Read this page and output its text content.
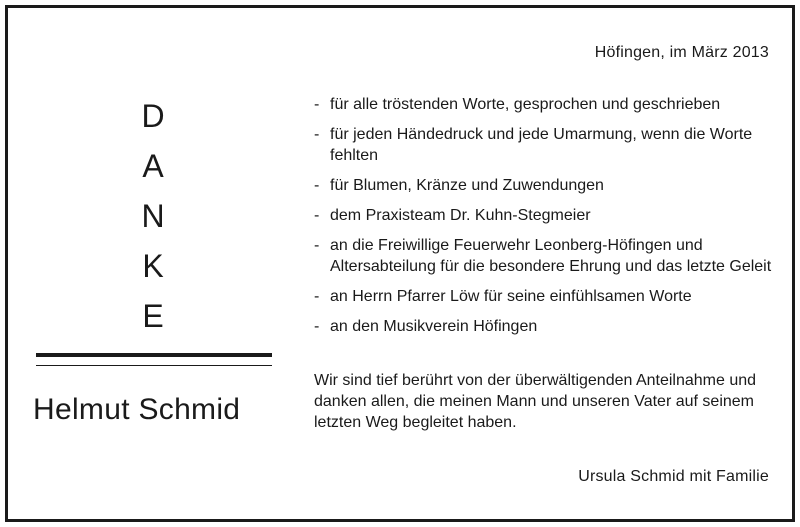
Höfingen, im März 2013
D
A
N
K
E
Helmut Schmid
- für alle tröstenden Worte, gesprochen und geschrieben
- für jeden Händedruck und jede Umarmung, wenn die Worte fehlten
- für Blumen, Kränze und Zuwendungen
- dem Praxisteam Dr. Kuhn-Stegmeier
- an die Freiwillige Feuerwehr Leonberg-Höfingen und Altersabteilung für die besondere Ehrung und das letzte Geleit
- an Herrn Pfarrer Löw für seine einfühlsamen Worte
- an den Musikverein Höfingen

Wir sind tief berührt von der überwältigenden Anteilnahme und danken allen, die meinen Mann und unseren Vater auf seinem letzten Weg begleitet haben.

Ursula Schmid mit Familie
